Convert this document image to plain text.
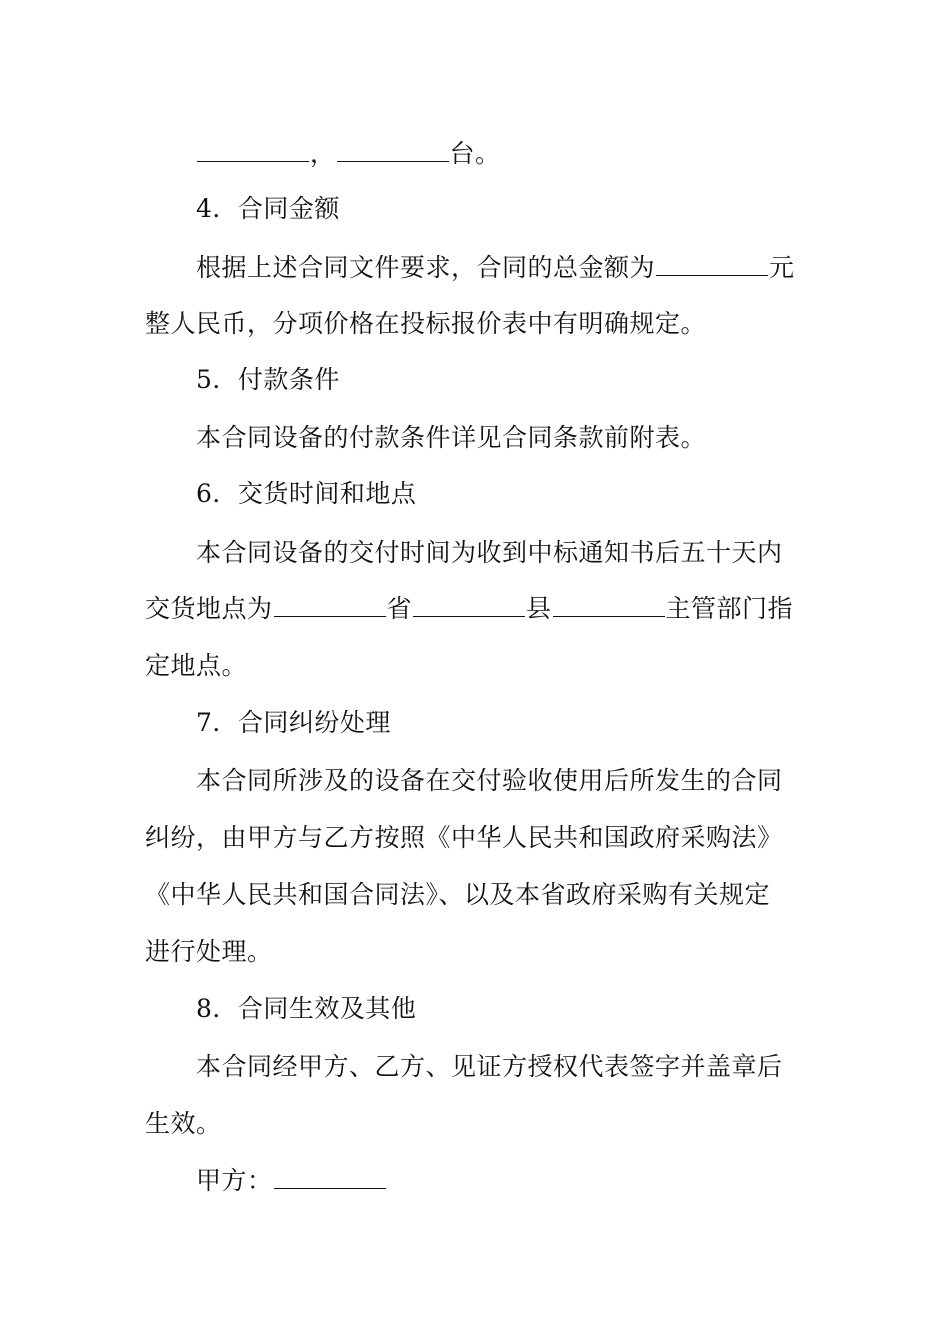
，	台。
4．合同金额
根据上述合同文件要求，合同的总金额为	元
整人民币，分项价格在投标报价表中有明确规定。
5．付款条件
本合同设备的付款条件详见合同条款前附表。
6．交货时间和地点
本合同设备的交付时间为收到中标通知书后五十天内
交货地点为	省	县	主管部门指
定地点。
7．合同纠纷处理
本合同所涉及的设备在交付验收使用后所发生的合同
纠纷，由甲方与乙方按照《中华人民共和国政府采购法》
《中华人民共和国合同法》、以及本省政府采购有关规定
进行处理。
8．合同生效及其他
本合同经甲方、乙方、见证方授权代表签字并盖章后
生效。
甲方：
